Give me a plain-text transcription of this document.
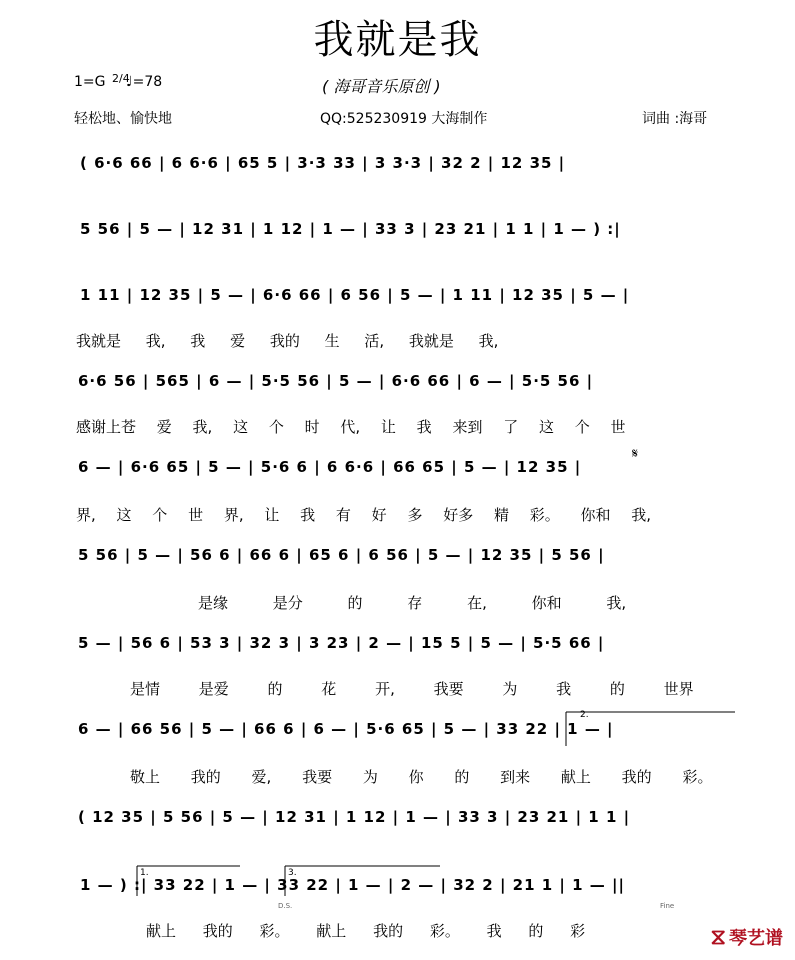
我就是我
1=G 2/4
♩=78	( 海哥音乐原创 )
轻松地、愉快地	QQ:525230919 大海制作	词曲 :海哥
( 6·6 66 | 6 6·6 | 65 5 | 3·3 33 | 3 3·3 | 32 2 | 12 35 |
5 56 | 5 — | 12 31 | 1 12 | 1 — | 33 3 | 23 21 | 1 1 | 1 — ) :|
1 11 | 12 35 | 5 — | 6·6 66 | 6 56 | 5 — | 1 11 | 12 35 | 5 — |
我就是 我, 我 爱 我的 生 活, 我就是 我,
6·6 56 | 565 | 6 — | 5·5 56 | 5 — | 6·6 66 | 6 — | 5·5 56 |
感谢上苍 爱 我, 这 个 时 代, 让 我 来到 了 这 个 世
6 — | 6·6 65 | 5 — | 5·6 6 | 6 6·6 | 66 65 | 5 — | 12 35 |
界, 这 个 世 界, 让 我 有 好 多 好多 精 彩。 你和 我,
5 56 | 5 — | 56 6 | 66 6 | 65 6 | 6 56 | 5 — | 12 35 | 5 56 |
是缘 是分 的 存 在, 你和 我,
5 — | 56 6 | 53 3 | 32 3 | 3 23 | 2 — | 15 5 | 5 — | 5·5 66 |
是情 是爱 的 花 开, 我要 为 我 的 世界
6 — | 66 56 | 5 — | 66 6 | 6 — | 5·6 65 | 5 — | 33 22 | 1 — |
敬上 我的 爱, 我要 为 你 的 到来 献上 我的 彩。
( 12 35 | 5 56 | 5 — | 12 31 | 1 12 | 1 — | 33 3 | 23 21 | 1 1 |
1 — ) :| 33 22 | 1 — | 33 22 | 1 — | 2 — | 32 2 | 21 1 | 1 — ||
献上 我的 彩。 献上 我的 彩。 我 的 彩
1.
2.
3.
𝄋
D.S.	Fine
⧖ 琴艺谱
